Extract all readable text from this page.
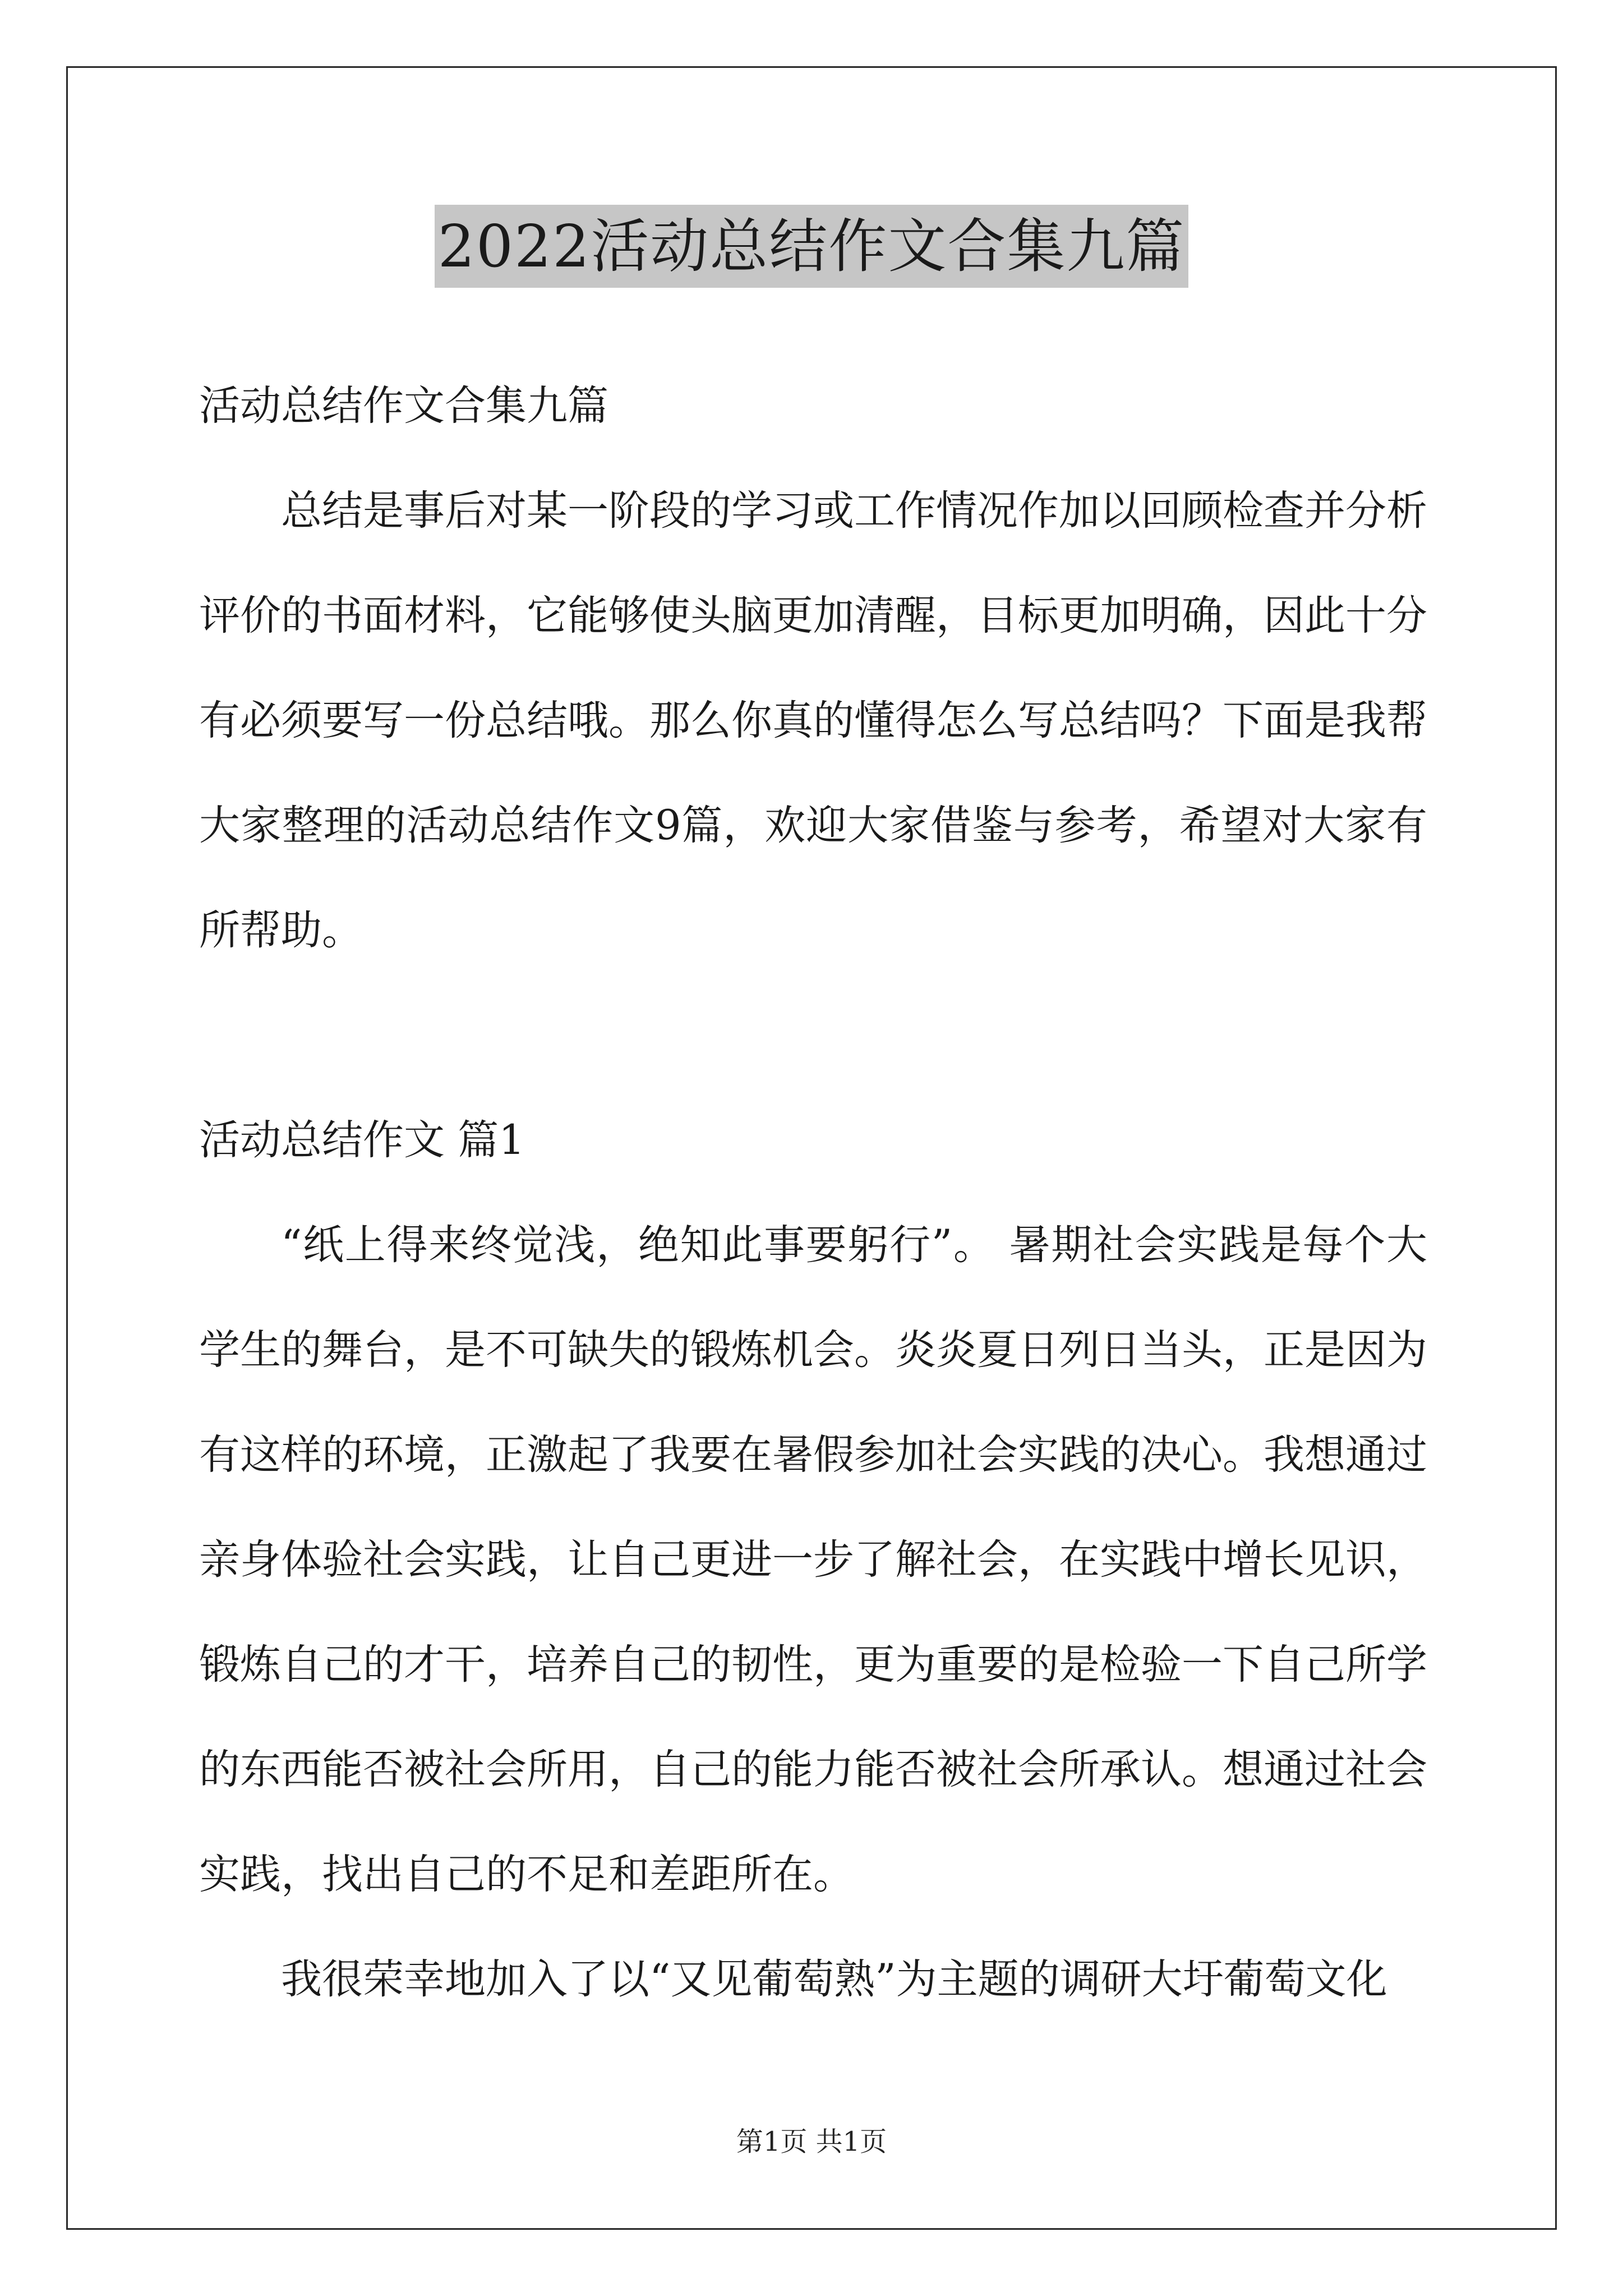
2022活动总结作文合集九篇

活动总结作文合集九篇

总结是事后对某一阶段的学习或工作情况作加以回顾检查并分析评价的书面材料，它能够使头脑更加清醒，目标更加明确，因此十分有必须要写一份总结哦。那么你真的懂得怎么写总结吗？下面是我帮大家整理的活动总结作文9篇，欢迎大家借鉴与参考，希望对大家有所帮助。

活动总结作文 篇1

“纸上得来终觉浅，绝知此事要躬行”。 暑期社会实践是每个大学生的舞台，是不可缺失的锻炼机会。炎炎夏日列日当头，正是因为有这样的环境，正激起了我要在暑假参加社会实践的决心。我想通过亲身体验社会实践，让自己更进一步了解社会，在实践中增长见识，锻炼自己的才干，培养自己的韧性，更为重要的是检验一下自己所学的东西能否被社会所用，自己的能力能否被社会所承认。想通过社会实践，找出自己的不足和差距所在。

我很荣幸地加入了以“又见葡萄熟”为主题的调研大圩葡萄文化

第1页 共1页
